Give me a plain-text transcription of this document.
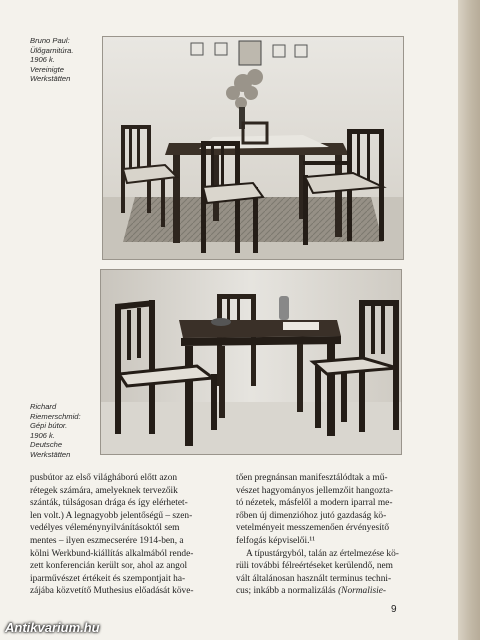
Bruno Paul:
Ülőgarnitúra.
1906 k.
Vereinigte
Werkstätten
Richard
Riemerschmid:
Gépi bútor.
1906 k.
Deutsche
Werkstätten
pusbútor az első világháború előtt azon
rétegek számára, amelyeknek tervezőik
szánták, túlságosan drága és így elérhetet-
len volt.) A legnagyobb jelentőségű – szen-
vedélyes véleménynyilvánításoktól sem
mentes – ilyen eszmecserére 1914-ben, a
kölni Werkbund-kiállítás alkalmából rende-
zett konferencián került sor, ahol az angol
iparművészet értékeit és szempontjait ha-
zájába közvetítő Muthesius előadását köve-
tően pregnánsan manifesztálódtak a mű-
vészet hagyományos jellemzőit hangozta-
tó nézetek, másfelől a modern iparral me-
rőben új dimenzióhoz jutó gazdaság kö-
vetelményeit messzemenően érvényesítő
felfogás képviselői.¹¹
A típustárgyból, talán az értelmezése kö-
rüli további félreértéseket kerülendő, nem
vált általánosan használt terminus techni-
cus; inkább a normalizálás (Normalisie-
9
Antikvarium.hu
